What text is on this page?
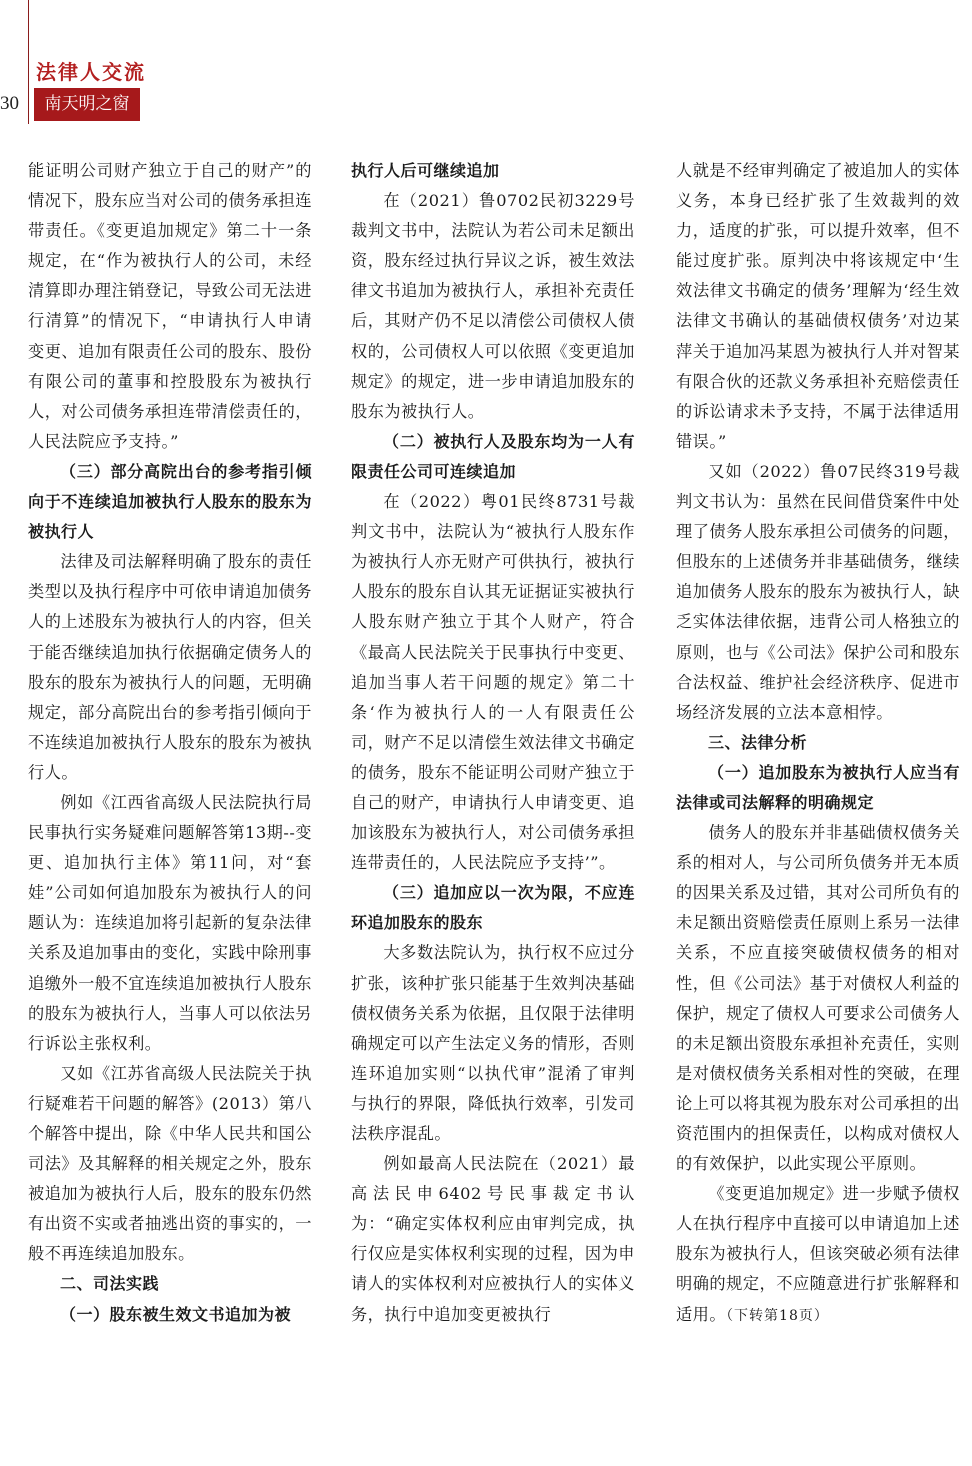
30
法律人交流
南天明之窗

能证明公司财产独立于自己的财产”的情况下，股东应当对公司的债务承担连带责任。《变更追加规定》第二十一条规定，在“作为被执行人的公司，未经清算即办理注销登记，导致公司无法进行清算”的情况下，“申请执行人申请变更、追加有限责任公司的股东、股份有限公司的董事和控股股东为被执行人，对公司债务承担连带清偿责任的，人民法院应予支持。”

（三）部分高院出台的参考指引倾向于不连续追加被执行人股东的股东为被执行人

法律及司法解释明确了股东的责任类型以及执行程序中可依申请追加债务人的上述股东为被执行人的内容，但关于能否继续追加执行依据确定债务人的股东的股东为被执行人的问题，无明确规定，部分高院出台的参考指引倾向于不连续追加被执行人股东的股东为被执行人。

例如《江西省高级人民法院执行局民事执行实务疑难问题解答第13期--变更、追加执行主体》第11问，对“套娃”公司如何追加股东为被执行人的问题认为：连续追加将引起新的复杂法律关系及追加事由的变化，实践中除刑事追缴外一般不宜连续追加被执行人股东的股东为被执行人，当事人可以依法另行诉讼主张权利。

又如《江苏省高级人民法院关于执行疑难若干问题的解答》(2013）第八个解答中提出，除《中华人民共和国公司法》及其解释的相关规定之外，股东被追加为被执行人后，股东的股东仍然有出资不实或者抽逃出资的事实的，一般不再连续追加股东。

二、司法实践

（一）股东被生效文书追加为被

执行人后可继续追加

在（2021）鲁0702民初3229号裁判文书中，法院认为若公司未足额出资，股东经过执行异议之诉，被生效法律文书追加为被执行人，承担补充责任后，其财产仍不足以清偿公司债权人债权的，公司债权人可以依照《变更追加规定》的规定，进一步申请追加股东的股东为被执行人。

（二）被执行人及股东均为一人有限责任公司可连续追加

在（2022）粤01民终8731号裁判文书中，法院认为“被执行人股东作为被执行人亦无财产可供执行，被执行人股东的股东自认其无证据证实被执行人股东财产独立于其个人财产，符合《最高人民法院关于民事执行中变更、追加当事人若干问题的规定》第二十条‘作为被执行人的一人有限责任公司，财产不足以清偿生效法律文书确定的债务，股东不能证明公司财产独立于自己的财产，申请执行人申请变更、追加该股东为被执行人，对公司债务承担连带责任的，人民法院应予支持’”。

（三）追加应以一次为限，不应连环追加股东的股东

大多数法院认为，执行权不应过分扩张，该种扩张只能基于生效判决基础债权债务关系为依据，且仅限于法律明确规定可以产生法定义务的情形，否则连环追加实则“以执代审”混淆了审判与执行的界限，降低执行效率，引发司法秩序混乱。

例如最高人民法院在（2021）最高法民申6402号民事裁定书认为：“确定实体权利应由审判完成，执行仅应是实体权利实现的过程，因为申请人的实体权利对应被执行人的实体义务，执行中追加变更被执行

人就是不经审判确定了被追加人的实体义务，本身已经扩张了生效裁判的效力，适度的扩张，可以提升效率，但不能过度扩张。原判决中将该规定中‘生效法律文书确定的债务’理解为‘经生效法律文书确认的基础债权债务’对边某萍关于追加冯某恩为被执行人并对智某有限合伙的还款义务承担补充赔偿责任的诉讼请求未予支持，不属于法律适用错误。”

又如（2022）鲁07民终319号裁判文书认为：虽然在民间借贷案件中处理了债务人股东承担公司债务的问题，但股东的上述债务并非基础债务，继续追加债务人股东的股东为被执行人，缺乏实体法律依据，违背公司人格独立的原则，也与《公司法》保护公司和股东合法权益、维护社会经济秩序、促进市场经济发展的立法本意相悖。

三、法律分析

（一）追加股东为被执行人应当有法律或司法解释的明确规定

债务人的股东并非基础债权债务关系的相对人，与公司所负债务并无本质的因果关系及过错，其对公司所负有的未足额出资赔偿责任原则上系另一法律关系，不应直接突破债权债务的相对性，但《公司法》基于对债权人利益的保护，规定了债权人可要求公司债务人的未足额出资股东承担补充责任，实则是对债权债务关系相对性的突破，在理论上可以将其视为股东对公司承担的出资范围内的担保责任，以构成对债权人的有效保护，以此实现公平原则。

《变更追加规定》进一步赋予债权人在执行程序中直接可以申请追加上述股东为被执行人，但该突破必须有法律明确的规定，不应随意进行扩张解释和适用。（下转第18页）
